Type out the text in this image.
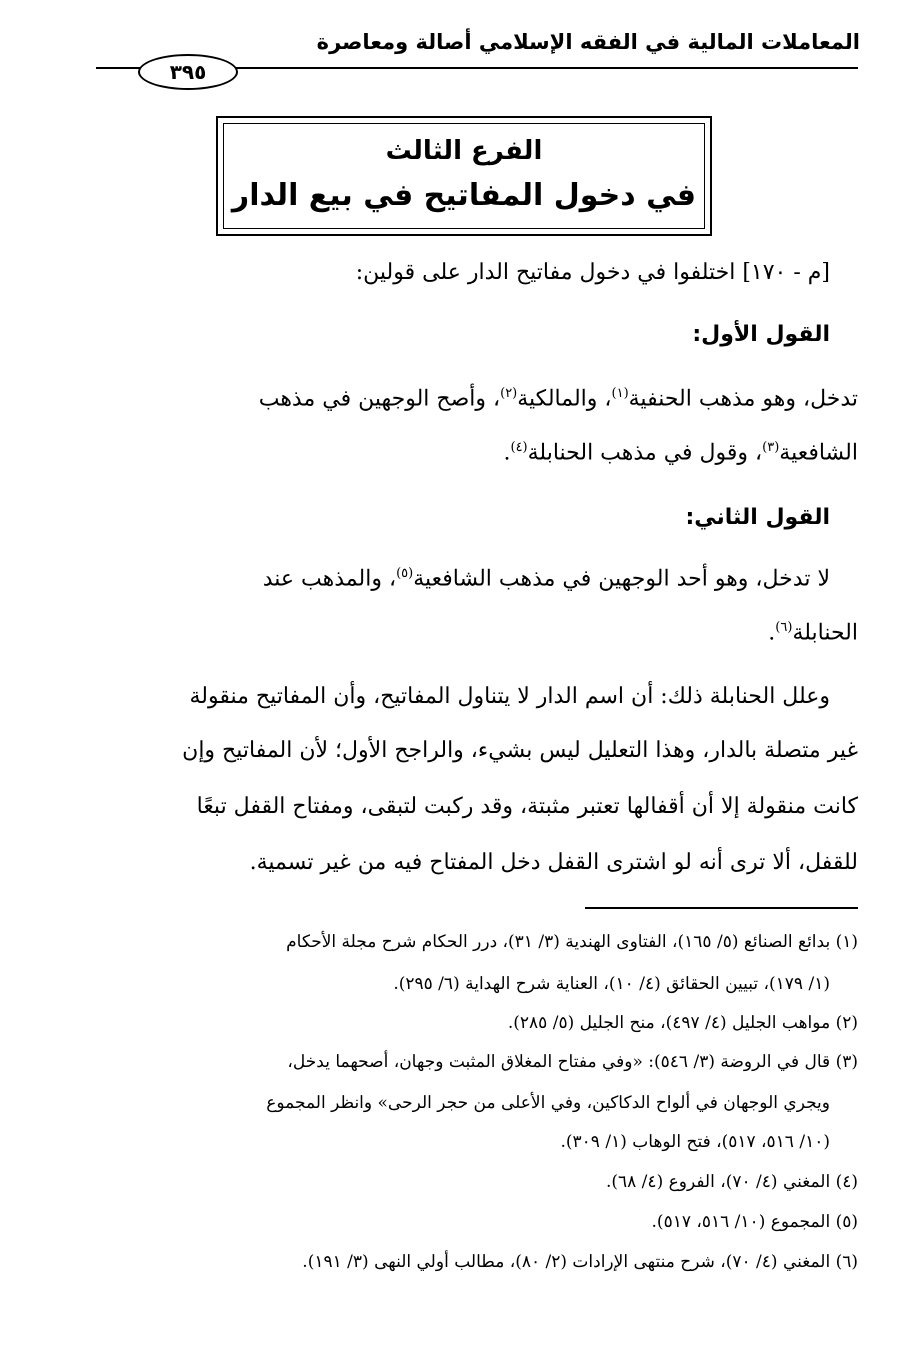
المعاملات المالية في الفقه الإسلامي أصالة ومعاصرة
٣٩٥
الفرع الثالث
في دخول المفاتيح في بيع الدار
[م - ١٧٠] اختلفوا في دخول مفاتيح الدار على قولين:
القول الأول:
تدخل، وهو مذهب الحنفية$^{(١)}$، والمالكية$^{(٢)}$، وأصح الوجهين في مذهب
الشافعية$^{(٣)}$، وقول في مذهب الحنابلة$^{(٤)}$.
القول الثاني:
لا تدخل، وهو أحد الوجهين في مذهب الشافعية$^{(٥)}$، والمذهب عند
الحنابلة$^{(٦)}$.
وعلل الحنابلة ذلك: أن اسم الدار لا يتناول المفاتيح، وأن المفاتيح منقولة
غير متصلة بالدار، وهذا التعليل ليس بشيء، والراجح الأول؛ لأن المفاتيح وإن
كانت منقولة إلا أن أقفالها تعتبر مثبتة، وقد ركبت لتبقى، ومفتاح القفل تبعًا
للقفل، ألا ترى أنه لو اشترى القفل دخل المفتاح فيه من غير تسمية.
(١) بدائع الصنائع (٥/ ١٦٥)، الفتاوى الهندية (٣/ ٣١)، درر الحكام شرح مجلة الأحكام
(١/ ١٧٩)، تبيين الحقائق (٤/ ١٠)، العناية شرح الهداية (٦/ ٢٩٥).
(٢) مواهب الجليل (٤/ ٤٩٧)، منح الجليل (٥/ ٢٨٥).
(٣) قال في الروضة (٣/ ٥٤٦): «وفي مفتاح المغلاق المثبت وجهان، أصحهما يدخل،
ويجري الوجهان في ألواح الدكاكين، وفي الأعلى من حجر الرحى» وانظر المجموع
(١٠/ ٥١٦، ٥١٧)، فتح الوهاب (١/ ٣٠٩).
(٤) المغني (٤/ ٧٠)، الفروع (٤/ ٦٨).
(٥) المجموع (١٠/ ٥١٦، ٥١٧).
(٦) المغني (٤/ ٧٠)، شرح منتهى الإرادات (٢/ ٨٠)، مطالب أولي النهى (٣/ ١٩١).
